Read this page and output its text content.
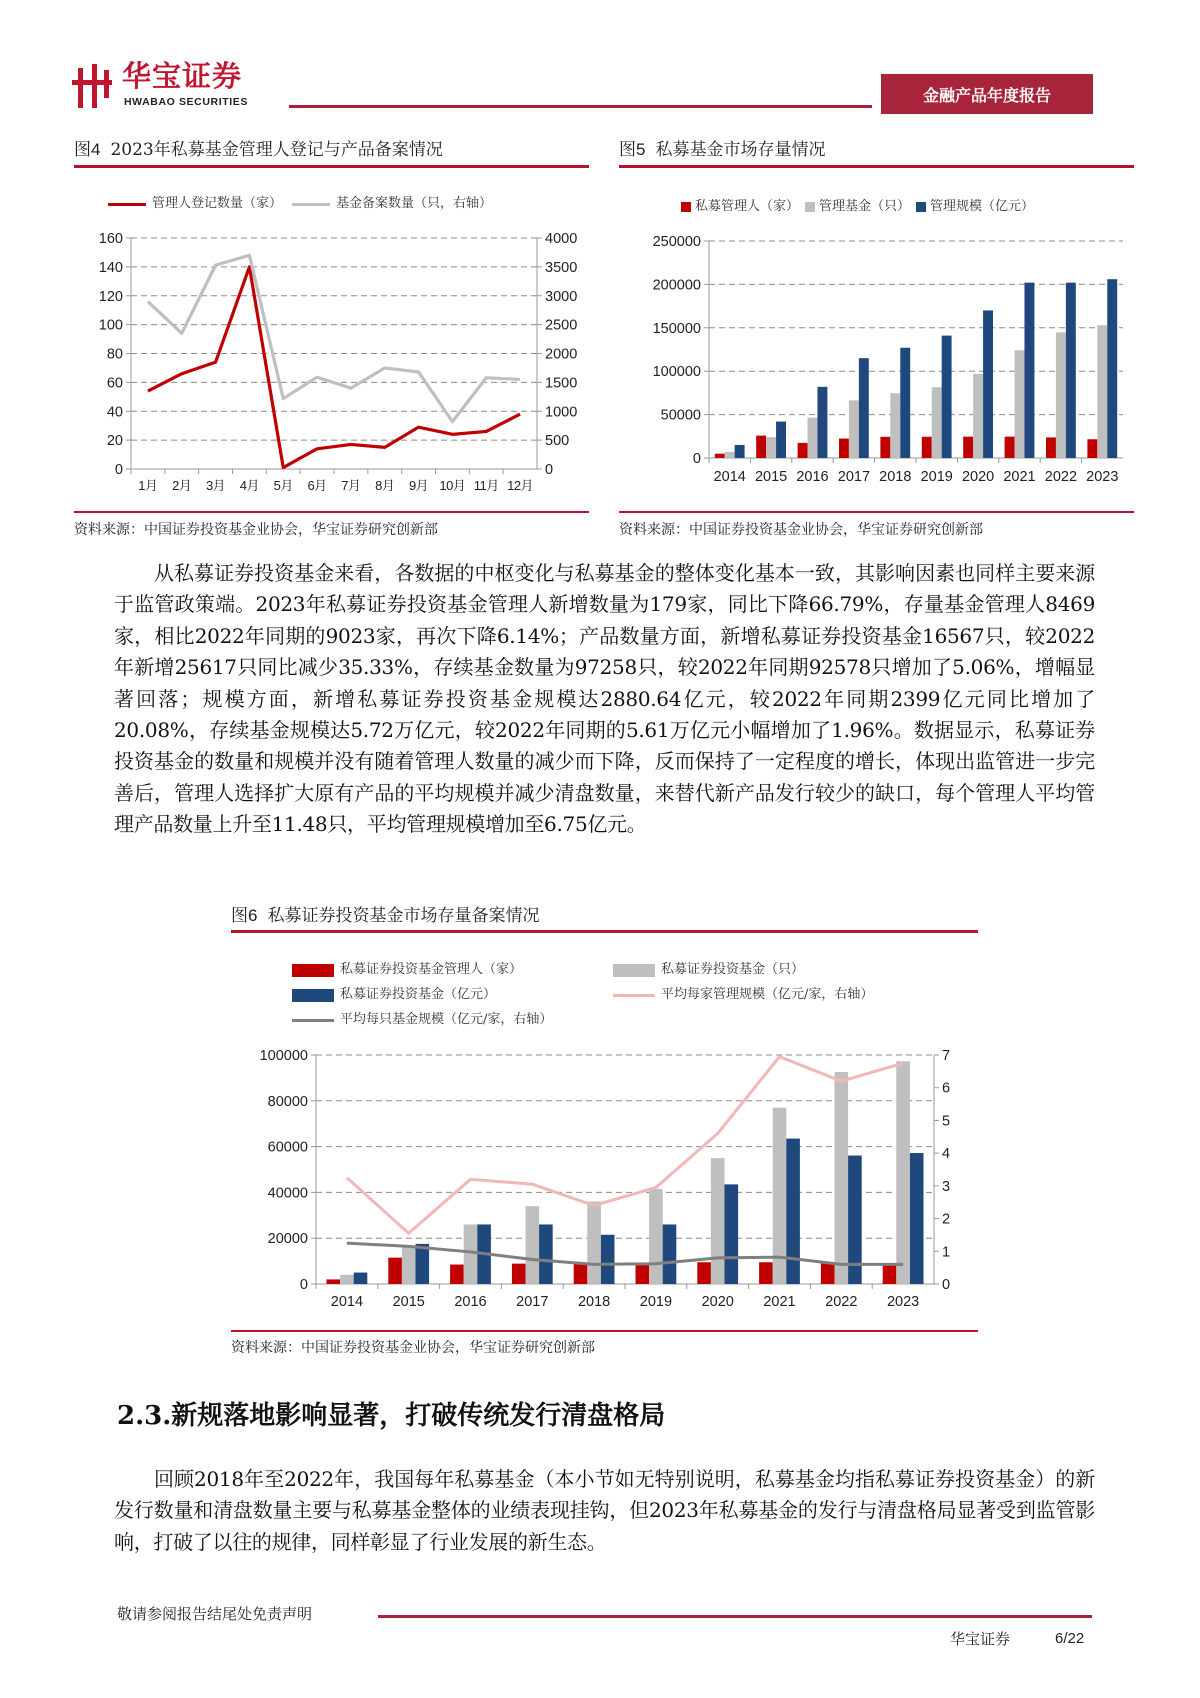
华宝证券
HWABAO SECURITIES	金融产品年度报告
图4 2023年私募基金管理人登记与产品备案情况
管理人登记数量（家）	基金备案数量（只，右轴）
0
20
40
60
80
100
120
140
160
0
500
1000
1500
2000
2500
3000
3500
4000
1月 2月 3月 4月 5月 6月 7月 8月 9月 10月 11月 12月
资料来源：中国证券投资基金业协会，华宝证券研究创新部
图5 私募基金市场存量情况
私募管理人（家） 管理基金（只） 管理规模（亿元）
0
50000
100000
150000
200000
250000
2014 2015 2016 2017 2018 2019 2020 2021 2022 2023
资料来源：中国证券投资基金业协会，华宝证券研究创新部
从私募证券投资基金来看，各数据的中枢变化与私募基金的整体变化基本一致，其影响因素也同样主要来源于监管政策端。2023年私募证券投资基金管理人新增数量为179家，同比下降66.79%，存量基金管理人8469家，相比2022年同期的9023家，再次下降6.14%；产品数量方面，新增私募证券投资基金16567只，较2022年新增25617只同比减少35.33%，存续基金数量为97258只，较2022年同期92578只增加了5.06%，增幅显著回落；规模方面，新增私募证券投资基金规模达2880.64亿元，较2022年同期2399亿元同比增加了20.08%，存续基金规模达5.72万亿元，较2022年同期的5.61万亿元小幅增加了1.96%。数据显示，私募证券投资基金的数量和规模并没有随着管理人数量的减少而下降，反而保持了一定程度的增长，体现出监管进一步完善后，管理人选择扩大原有产品的平均规模并减少清盘数量，来替代新产品发行较少的缺口，每个管理人平均管理产品数量上升至11.48只，平均管理规模增加至6.75亿元。
图6 私募证券投资基金市场存量备案情况
私募证券投资基金管理人（家）	私募证券投资基金（只）
私募证券投资基金（亿元）	平均每家管理规模（亿元/家，右轴）
平均每只基金规模（亿元/家，右轴）
0
20000
40000
60000
80000
100000
0
1
2
3
4
5
6
7
2014 2015 2016 2017 2018 2019 2020 2021 2022 2023
资料来源：中国证券投资基金业协会，华宝证券研究创新部
2.3.新规落地影响显著，打破传统发行清盘格局
回顾2018年至2022年，我国每年私募基金（本小节如无特别说明，私募基金均指私募证券投资基金）的新发行数量和清盘数量主要与私募基金整体的业绩表现挂钩，但2023年私募基金的发行与清盘格局显著受到监管影响，打破了以往的规律，同样彰显了行业发展的新生态。
敬请参阅报告结尾处免责声明
华宝证券	6/22
